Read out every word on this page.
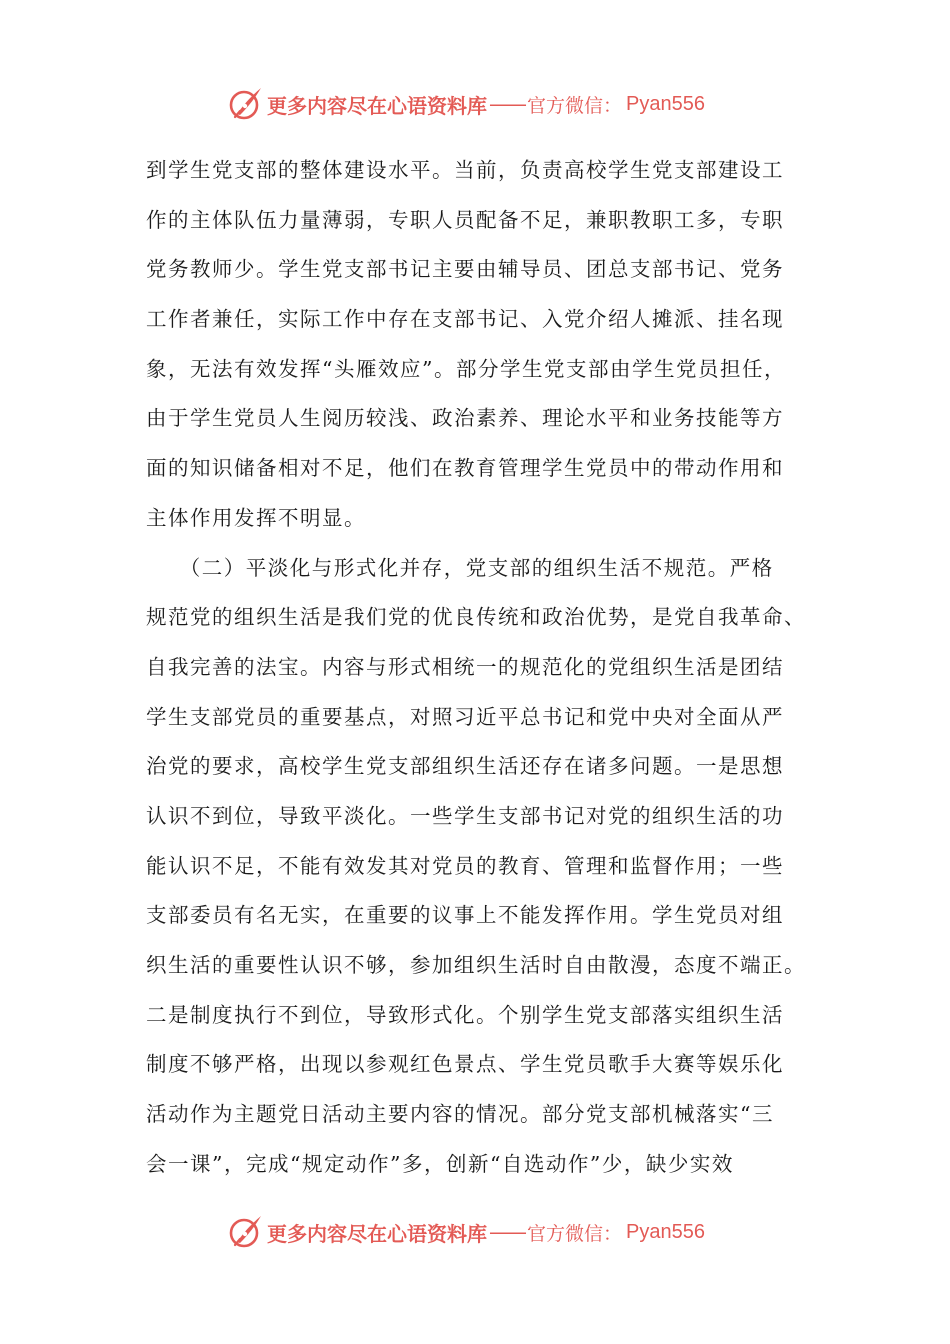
更多内容尽在心语资料库 —— 官方微信： Pyan556
到学生党支部的整体建设水平。当前，负责高校学生党支部建设工
作的主体队伍力量薄弱，专职人员配备不足，兼职教职工多，专职
党务教师少。学生党支部书记主要由辅导员、团总支部书记、党务
工作者兼任，实际工作中存在支部书记、入党介绍人摊派、挂名现
象，无法有效发挥“头雁效应”。部分学生党支部由学生党员担任，
由于学生党员人生阅历较浅、政治素养、理论水平和业务技能等方
面的知识储备相对不足，他们在教育管理学生党员中的带动作用和
主体作用发挥不明显。
　　（二）平淡化与形式化并存，党支部的组织生活不规范。严格
规范党的组织生活是我们党的优良传统和政治优势，是党自我革命、
自我完善的法宝。内容与形式相统一的规范化的党组织生活是团结
学生支部党员的重要基点，对照习近平总书记和党中央对全面从严
治党的要求，高校学生党支部组织生活还存在诸多问题。一是思想
认识不到位，导致平淡化。一些学生支部书记对党的组织生活的功
能认识不足，不能有效发其对党员的教育、管理和监督作用；一些
支部委员有名无实，在重要的议事上不能发挥作用。学生党员对组
织生活的重要性认识不够，参加组织生活时自由散漫，态度不端正。
二是制度执行不到位，导致形式化。个别学生党支部落实组织生活
制度不够严格，出现以参观红色景点、学生党员歌手大赛等娱乐化
活动作为主题党日活动主要内容的情况。部分党支部机械落实“三
会一课”，完成“规定动作”多，创新“自选动作”少，缺少实效
更多内容尽在心语资料库 —— 官方微信： Pyan556
